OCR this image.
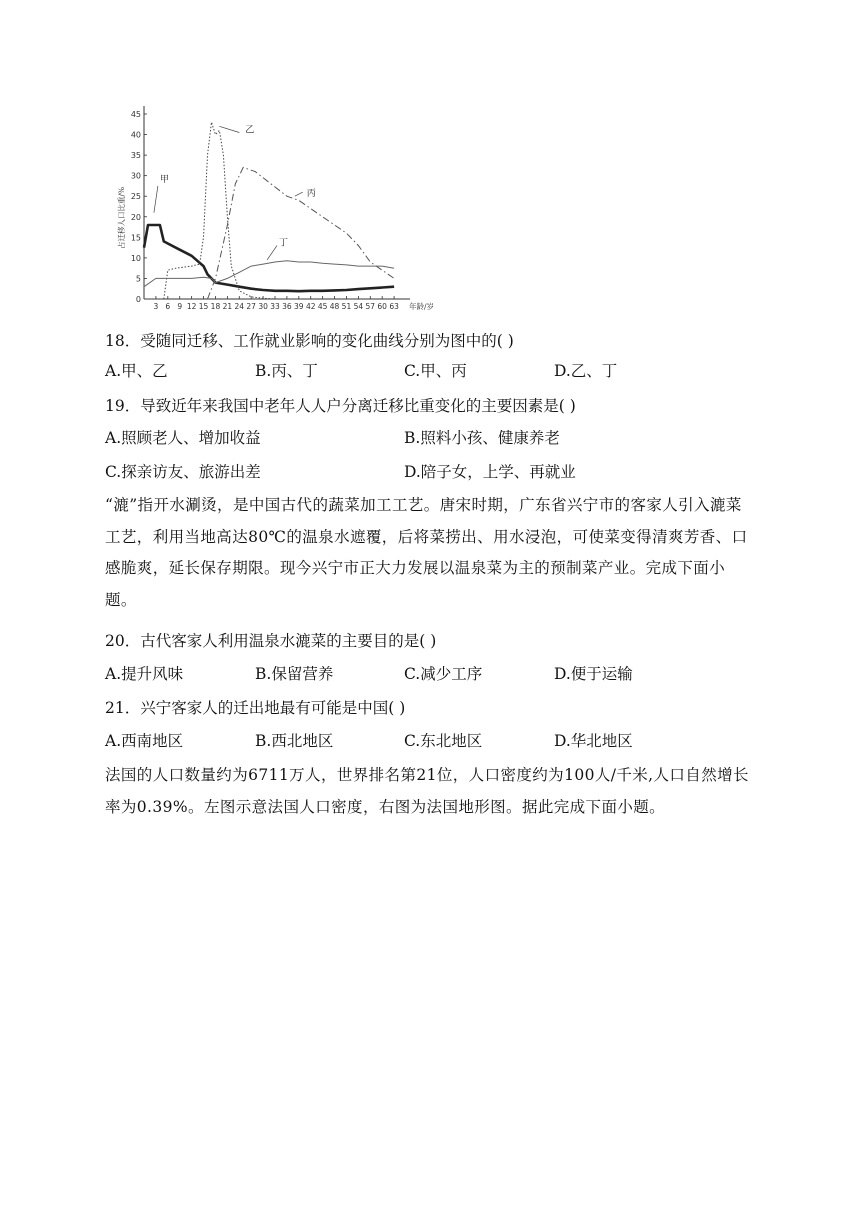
0
5
10
15
20
25
30
35
40
45
3 6 9 12 15 18 21 24 27 30 33 36 39 42 45 48 51 54 57 60 63 年龄/岁
占迁移人口比重/%
甲
乙
丙
丁
18．受随同迁移、工作就业影响的变化曲线分别为图中的( )
A.甲、乙	B.丙、丁	C.甲、丙	D.乙、丁
19．导致近年来我国中老年人人户分离迁移比重变化的主要因素是( )
A.照顾老人、增加收益	B.照料小孩、健康养老
C.探亲访友、旅游出差	D.陪子女，上学、再就业
“漉”指开水涮烫，是中国古代的蔬菜加工工艺。唐宋时期，广东省兴宁市的客家人引入漉菜工艺，利用当地高达80℃的温泉水遮覆，后将菜捞出、用水浸泡，可使菜变得清爽芳香、口感脆爽，延长保存期限。现今兴宁市正大力发展以温泉菜为主的预制菜产业。完成下面小题。
20．古代客家人利用温泉水漉菜的主要目的是( )
A.提升风味	B.保留营养	C.减少工序	D.便于运输
21．兴宁客家人的迁出地最有可能是中国( )
A.西南地区	B.西北地区	C.东北地区	D.华北地区
法国的人口数量约为6711万人，世界排名第21位，人口密度约为100人/千米,人口自然增长率为0.39%。左图示意法国人口密度，右图为法国地形图。据此完成下面小题。
